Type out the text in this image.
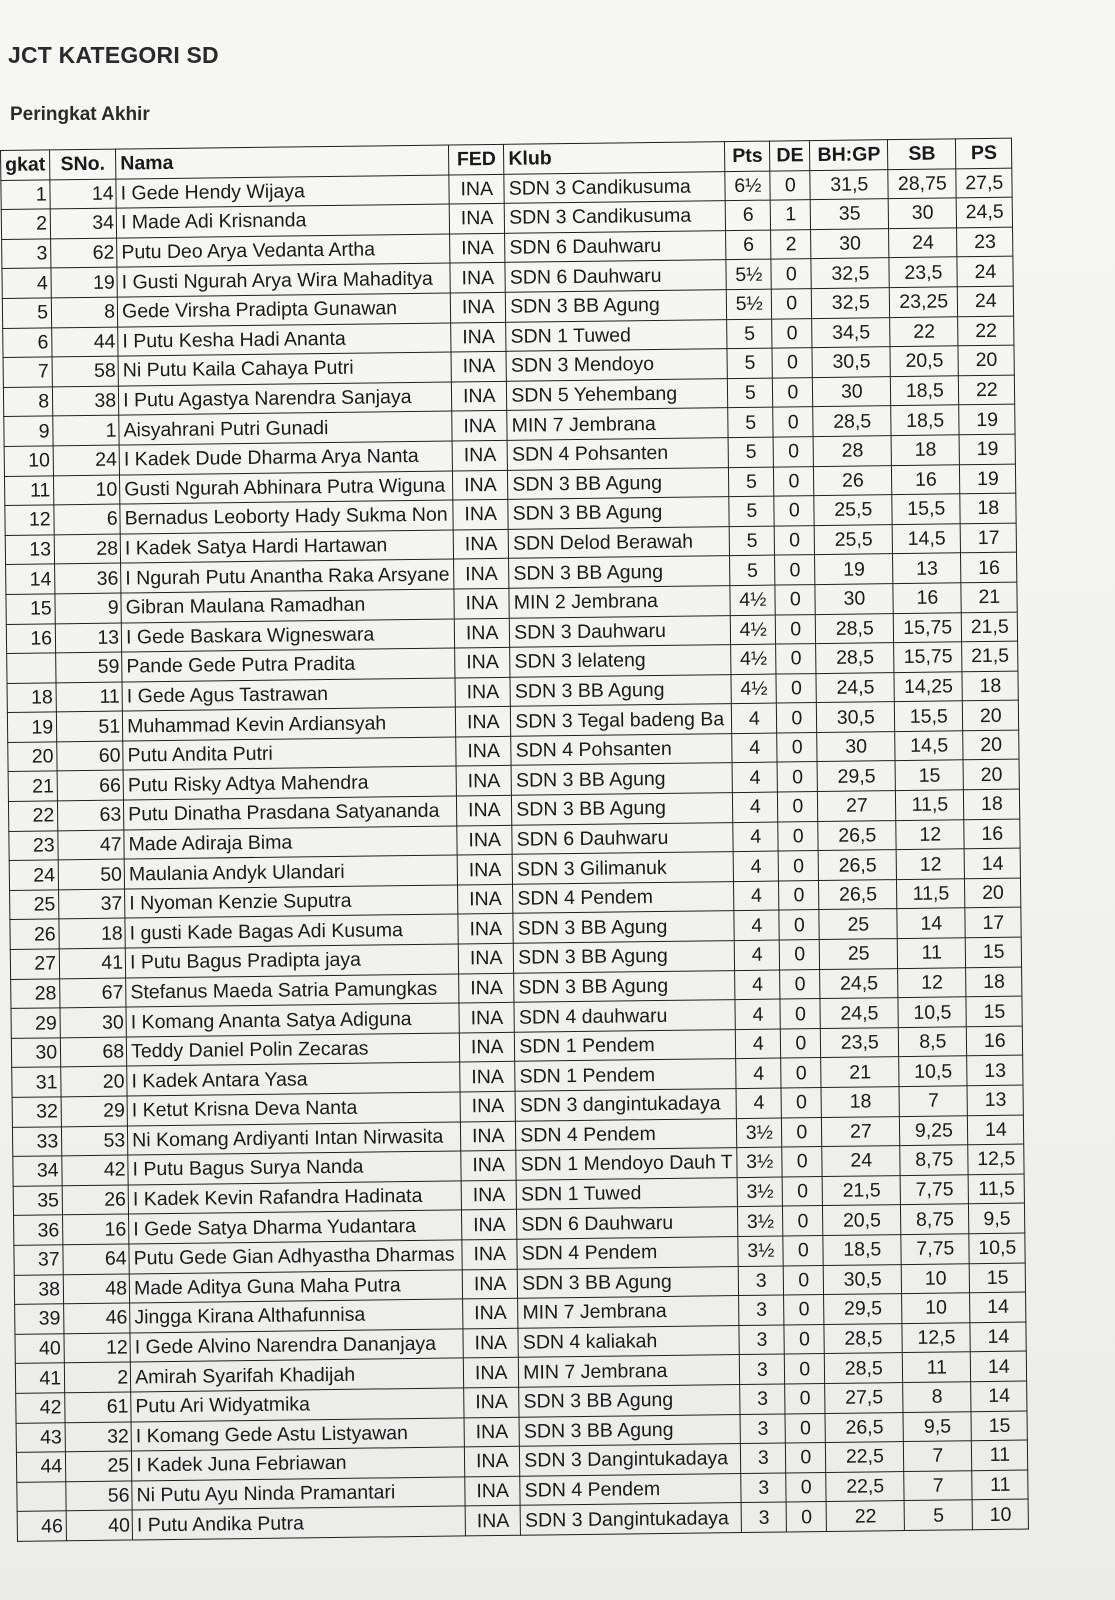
JCT KATEGORI SD
Peringkat Akhir
gkat	SNo.	Nama	FED	Klub	Pts	DE	BH:GP	SB	PS
1	14	I Gede Hendy Wijaya	INA	SDN 3 Candikusuma	6½	0	31,5	28,75	27,5
2	34	I Made Adi Krisnanda	INA	SDN 3 Candikusuma	6	1	35	30	24,5
3	62	Putu Deo Arya Vedanta Artha	INA	SDN 6 Dauhwaru	6	2	30	24	23
4	19	I Gusti Ngurah Arya Wira Mahaditya	INA	SDN 6 Dauhwaru	5½	0	32,5	23,5	24
5	8	Gede Virsha Pradipta Gunawan	INA	SDN 3 BB Agung	5½	0	32,5	23,25	24
6	44	I Putu Kesha Hadi Ananta	INA	SDN 1 Tuwed	5	0	34,5	22	22
7	58	Ni Putu Kaila Cahaya Putri	INA	SDN 3 Mendoyo	5	0	30,5	20,5	20
8	38	I Putu Agastya Narendra Sanjaya	INA	SDN 5 Yehembang	5	0	30	18,5	22
9	1	Aisyahrani Putri Gunadi	INA	MIN 7 Jembrana	5	0	28,5	18,5	19
10	24	I Kadek Dude Dharma Arya Nanta	INA	SDN 4 Pohsanten	5	0	28	18	19
11	10	Gusti Ngurah Abhinara Putra Wiguna	INA	SDN 3 BB Agung	5	0	26	16	19
12	6	Bernadus Leoborty Hady Sukma Non	INA	SDN 3 BB Agung	5	0	25,5	15,5	18
13	28	I Kadek Satya Hardi Hartawan	INA	SDN Delod Berawah	5	0	25,5	14,5	17
14	36	I Ngurah Putu Anantha Raka Arsyane	INA	SDN 3 BB Agung	5	0	19	13	16
15	9	Gibran Maulana Ramadhan	INA	MIN 2 Jembrana	4½	0	30	16	21
16	13	I Gede Baskara Wigneswara	INA	SDN 3 Dauhwaru	4½	0	28,5	15,75	21,5
	59	Pande Gede Putra Pradita	INA	SDN 3 lelateng	4½	0	28,5	15,75	21,5
18	11	I Gede Agus Tastrawan	INA	SDN 3 BB Agung	4½	0	24,5	14,25	18
19	51	Muhammad Kevin Ardiansyah	INA	SDN 3 Tegal badeng Ba	4	0	30,5	15,5	20
20	60	Putu Andita Putri	INA	SDN 4 Pohsanten	4	0	30	14,5	20
21	66	Putu Risky Adtya Mahendra	INA	SDN 3 BB Agung	4	0	29,5	15	20
22	63	Putu Dinatha Prasdana Satyananda	INA	SDN 3 BB Agung	4	0	27	11,5	18
23	47	Made Adiraja Bima	INA	SDN 6 Dauhwaru	4	0	26,5	12	16
24	50	Maulania Andyk Ulandari	INA	SDN 3 Gilimanuk	4	0	26,5	12	14
25	37	I Nyoman Kenzie Suputra	INA	SDN 4 Pendem	4	0	26,5	11,5	20
26	18	I gusti Kade Bagas Adi Kusuma	INA	SDN 3 BB Agung	4	0	25	14	17
27	41	I Putu Bagus Pradipta jaya	INA	SDN 3 BB Agung	4	0	25	11	15
28	67	Stefanus Maeda Satria Pamungkas	INA	SDN 3 BB Agung	4	0	24,5	12	18
29	30	I Komang Ananta Satya Adiguna	INA	SDN 4 dauhwaru	4	0	24,5	10,5	15
30	68	Teddy Daniel Polin Zecaras	INA	SDN 1 Pendem	4	0	23,5	8,5	16
31	20	I Kadek Antara Yasa	INA	SDN 1 Pendem	4	0	21	10,5	13
32	29	I Ketut Krisna Deva Nanta	INA	SDN 3 dangintukadaya	4	0	18	7	13
33	53	Ni Komang Ardiyanti Intan Nirwasita	INA	SDN 4 Pendem	3½	0	27	9,25	14
34	42	I Putu Bagus Surya Nanda	INA	SDN 1 Mendoyo Dauh T	3½	0	24	8,75	12,5
35	26	I Kadek Kevin Rafandra Hadinata	INA	SDN 1 Tuwed	3½	0	21,5	7,75	11,5
36	16	I Gede Satya Dharma Yudantara	INA	SDN 6 Dauhwaru	3½	0	20,5	8,75	9,5
37	64	Putu Gede Gian Adhyastha Dharmas	INA	SDN 4 Pendem	3½	0	18,5	7,75	10,5
38	48	Made Aditya Guna Maha Putra	INA	SDN 3 BB Agung	3	0	30,5	10	15
39	46	Jingga Kirana Althafunnisa	INA	MIN 7 Jembrana	3	0	29,5	10	14
40	12	I Gede Alvino Narendra Dananjaya	INA	SDN 4 kaliakah	3	0	28,5	12,5	14
41	2	Amirah Syarifah Khadijah	INA	MIN 7 Jembrana	3	0	28,5	11	14
42	61	Putu Ari Widyatmika	INA	SDN 3 BB Agung	3	0	27,5	8	14
43	32	I Komang Gede Astu Listyawan	INA	SDN 3 BB Agung	3	0	26,5	9,5	15
44	25	I Kadek Juna Febriawan	INA	SDN 3 Dangintukadaya	3	0	22,5	7	11
	56	Ni Putu Ayu Ninda Pramantari	INA	SDN 4 Pendem	3	0	22,5	7	11
46	40	I Putu Andika Putra	INA	SDN 3 Dangintukadaya	3	0	22	5	10
